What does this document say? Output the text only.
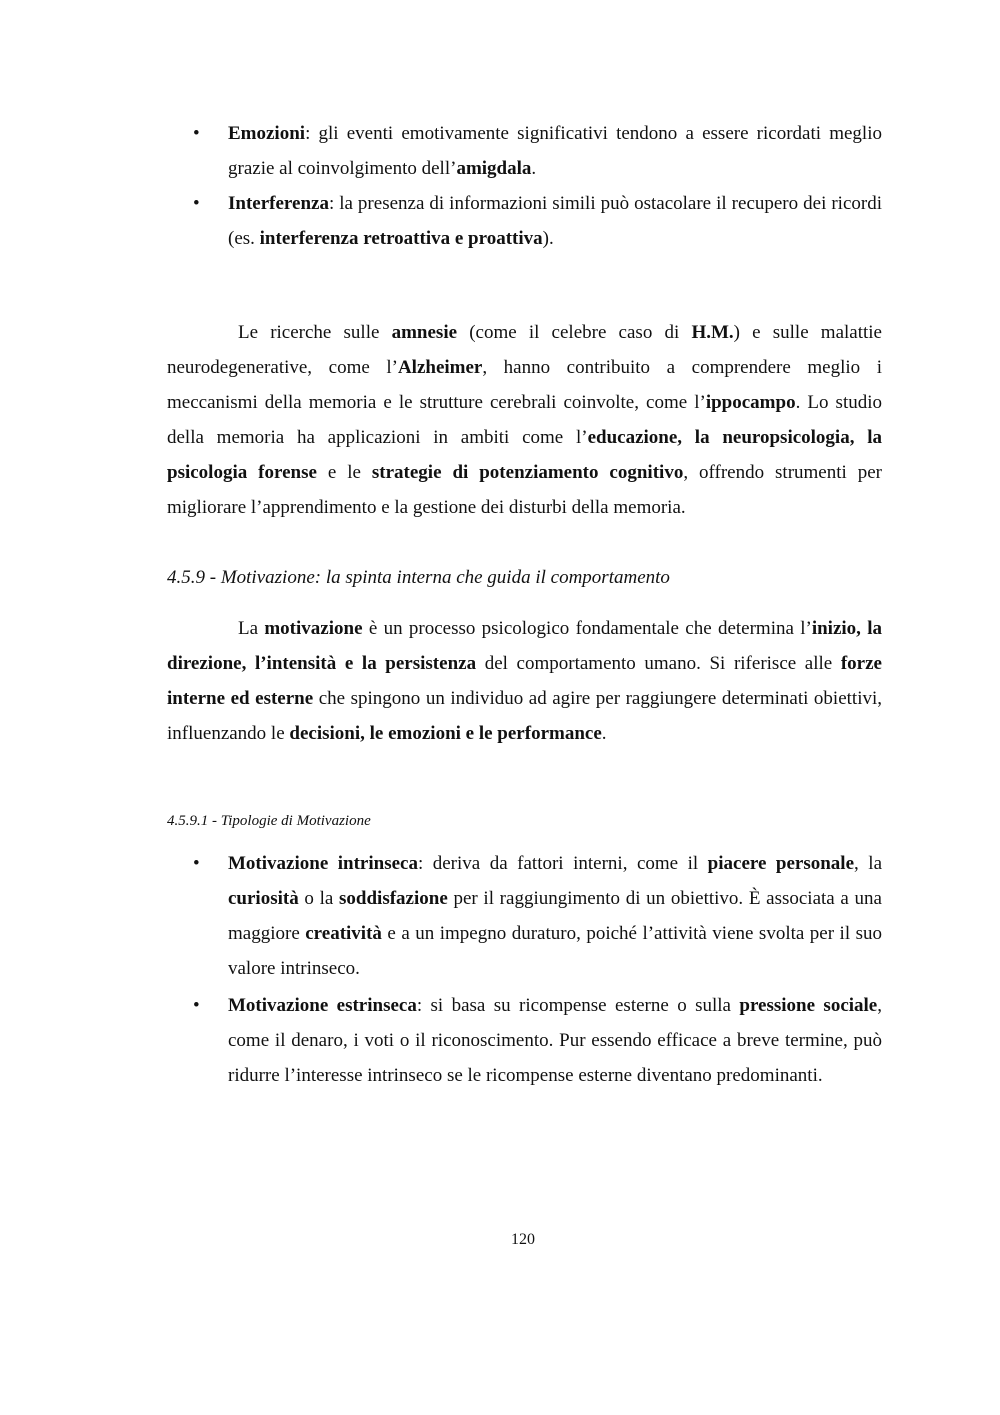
• Emozioni: gli eventi emotivamente significativi tendono a essere ricordati meglio grazie al coinvolgimento dell’amigdala.
• Interferenza: la presenza di informazioni simili può ostacolare il recupero dei ricordi (es. interferenza retroattiva e proattiva).

Le ricerche sulle amnesie (come il celebre caso di H.M.) e sulle malattie neurodegenerative, come l’Alzheimer, hanno contribuito a comprendere meglio i meccanismi della memoria e le strutture cerebrali coinvolte, come l’ippocampo. Lo studio della memoria ha applicazioni in ambiti come l’educazione, la neuropsicologia, la psicologia forense e le strategie di potenziamento cognitivo, offrendo strumenti per migliorare l’apprendimento e la gestione dei disturbi della memoria.

4.5.9 - Motivazione: la spinta interna che guida il comportamento

La motivazione è un processo psicologico fondamentale che determina l’inizio, la direzione, l’intensità e la persistenza del comportamento umano. Si riferisce alle forze interne ed esterne che spingono un individuo ad agire per raggiungere determinati obiettivi, influenzando le decisioni, le emozioni e le performance.

4.5.9.1 - Tipologie di Motivazione
• Motivazione intrinseca: deriva da fattori interni, come il piacere personale, la curiosità o la soddisfazione per il raggiungimento di un obiettivo. È associata a una maggiore creatività e a un impegno duraturo, poiché l’attività viene svolta per il suo valore intrinseco.
• Motivazione estrinseca: si basa su ricompense esterne o sulla pressione sociale, come il denaro, i voti o il riconoscimento. Pur essendo efficace a breve termine, può ridurre l’interesse intrinseco se le ricompense esterne diventano predominanti.
120
